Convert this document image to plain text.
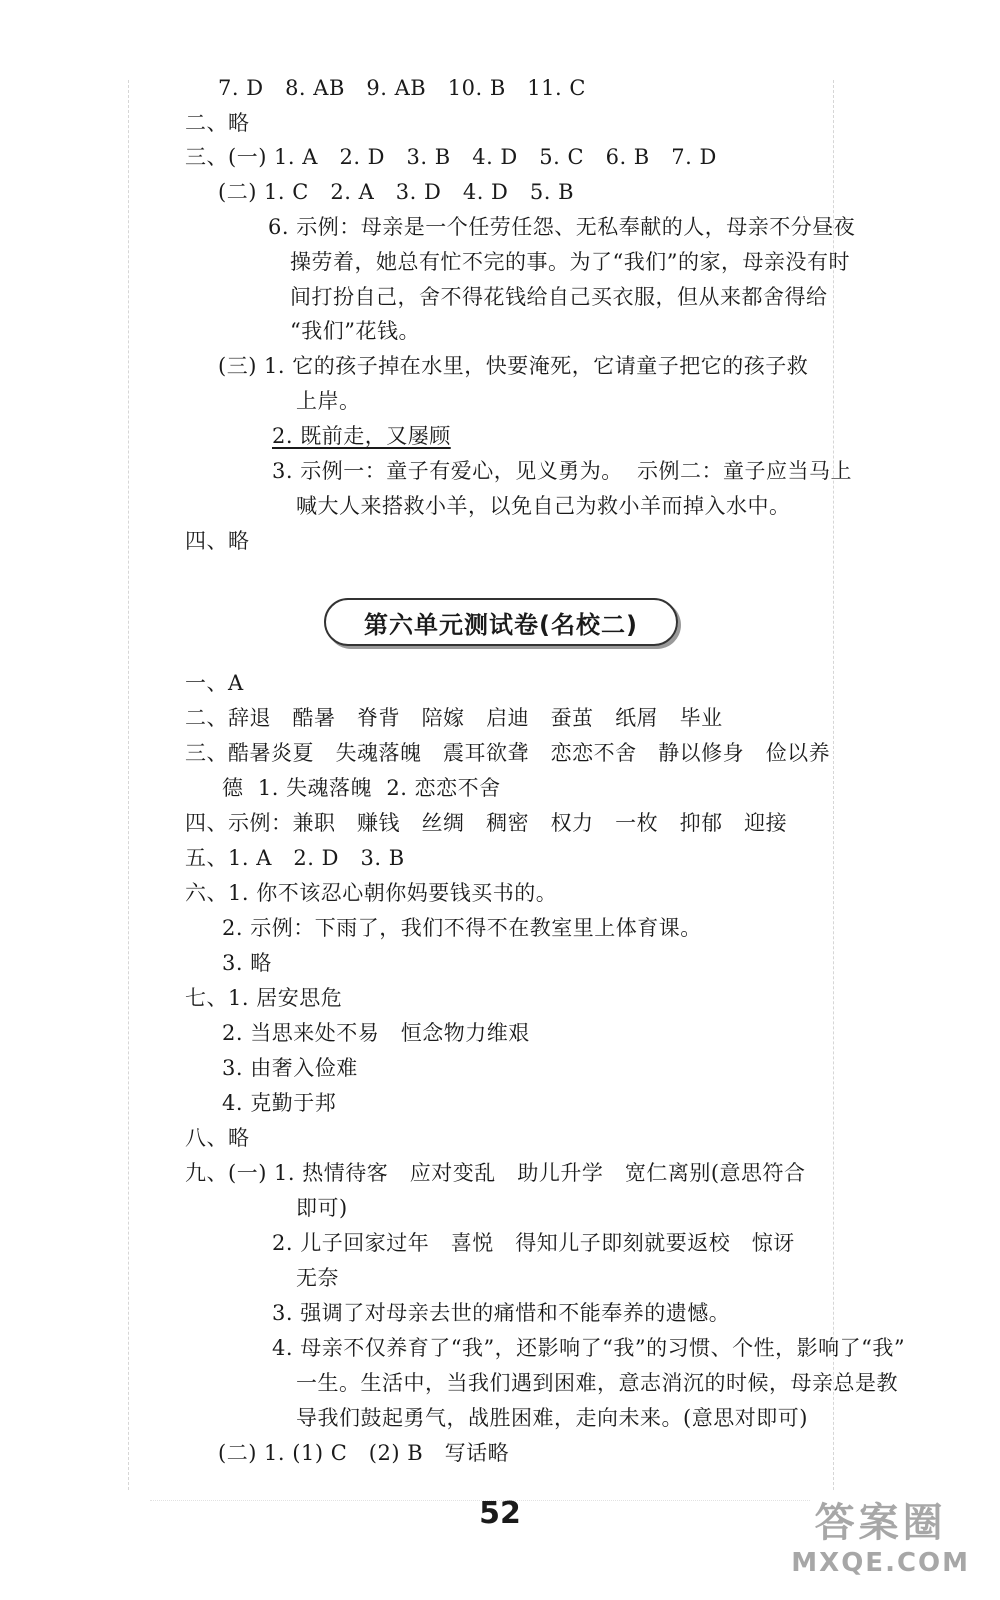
7. D   8. AB   9. AB   10. B   11. C
二、略
三、(一) 1. A   2. D   3. B   4. D   5. C   6. B   7. D
(二) 1. C   2. A   3. D   4. D   5. B
6. 示例：母亲是一个任劳任怨、无私奉献的人，母亲不分昼夜
操劳着，她总有忙不完的事。为了“我们”的家，母亲没有时
间打扮自己，舍不得花钱给自己买衣服，但从来都舍得给
“我们”花钱。
(三) 1. 它的孩子掉在水里，快要淹死，它请童子把它的孩子救
上岸。
2. 既前走，又屡顾
3. 示例一：童子有爱心，见义勇为。  示例二：童子应当马上
喊大人来搭救小羊，以免自己为救小羊而掉入水中。
四、略
第六单元测试卷(名校二)
一、A
二、辞退   酷暑   脊背   陪嫁   启迪   蚕茧   纸屑   毕业
三、酷暑炎夏   失魂落魄   震耳欲聋   恋恋不舍   静以修身   俭以养
德  1. 失魂落魄  2. 恋恋不舍
四、示例：兼职   赚钱   丝绸   稠密   权力   一枚   抑郁   迎接
五、1. A   2. D   3. B
六、1. 你不该忍心朝你妈要钱买书的。
2. 示例：下雨了，我们不得不在教室里上体育课。
3. 略
七、1. 居安思危
2. 当思来处不易   恒念物力维艰
3. 由奢入俭难
4. 克勤于邦
八、略
九、(一) 1. 热情待客   应对变乱   助儿升学   宽仁离别(意思符合
即可)
2. 儿子回家过年   喜悦   得知儿子即刻就要返校   惊讶
无奈
3. 强调了对母亲去世的痛惜和不能奉养的遗憾。
4. 母亲不仅养育了“我”，还影响了“我”的习惯、个性，影响了“我”
一生。生活中，当我们遇到困难，意志消沉的时候，母亲总是教
导我们鼓起勇气，战胜困难，走向未来。(意思对即可)
(二) 1. (1) C   (2) B   写话略
52	答案圈
MXQE.COM
